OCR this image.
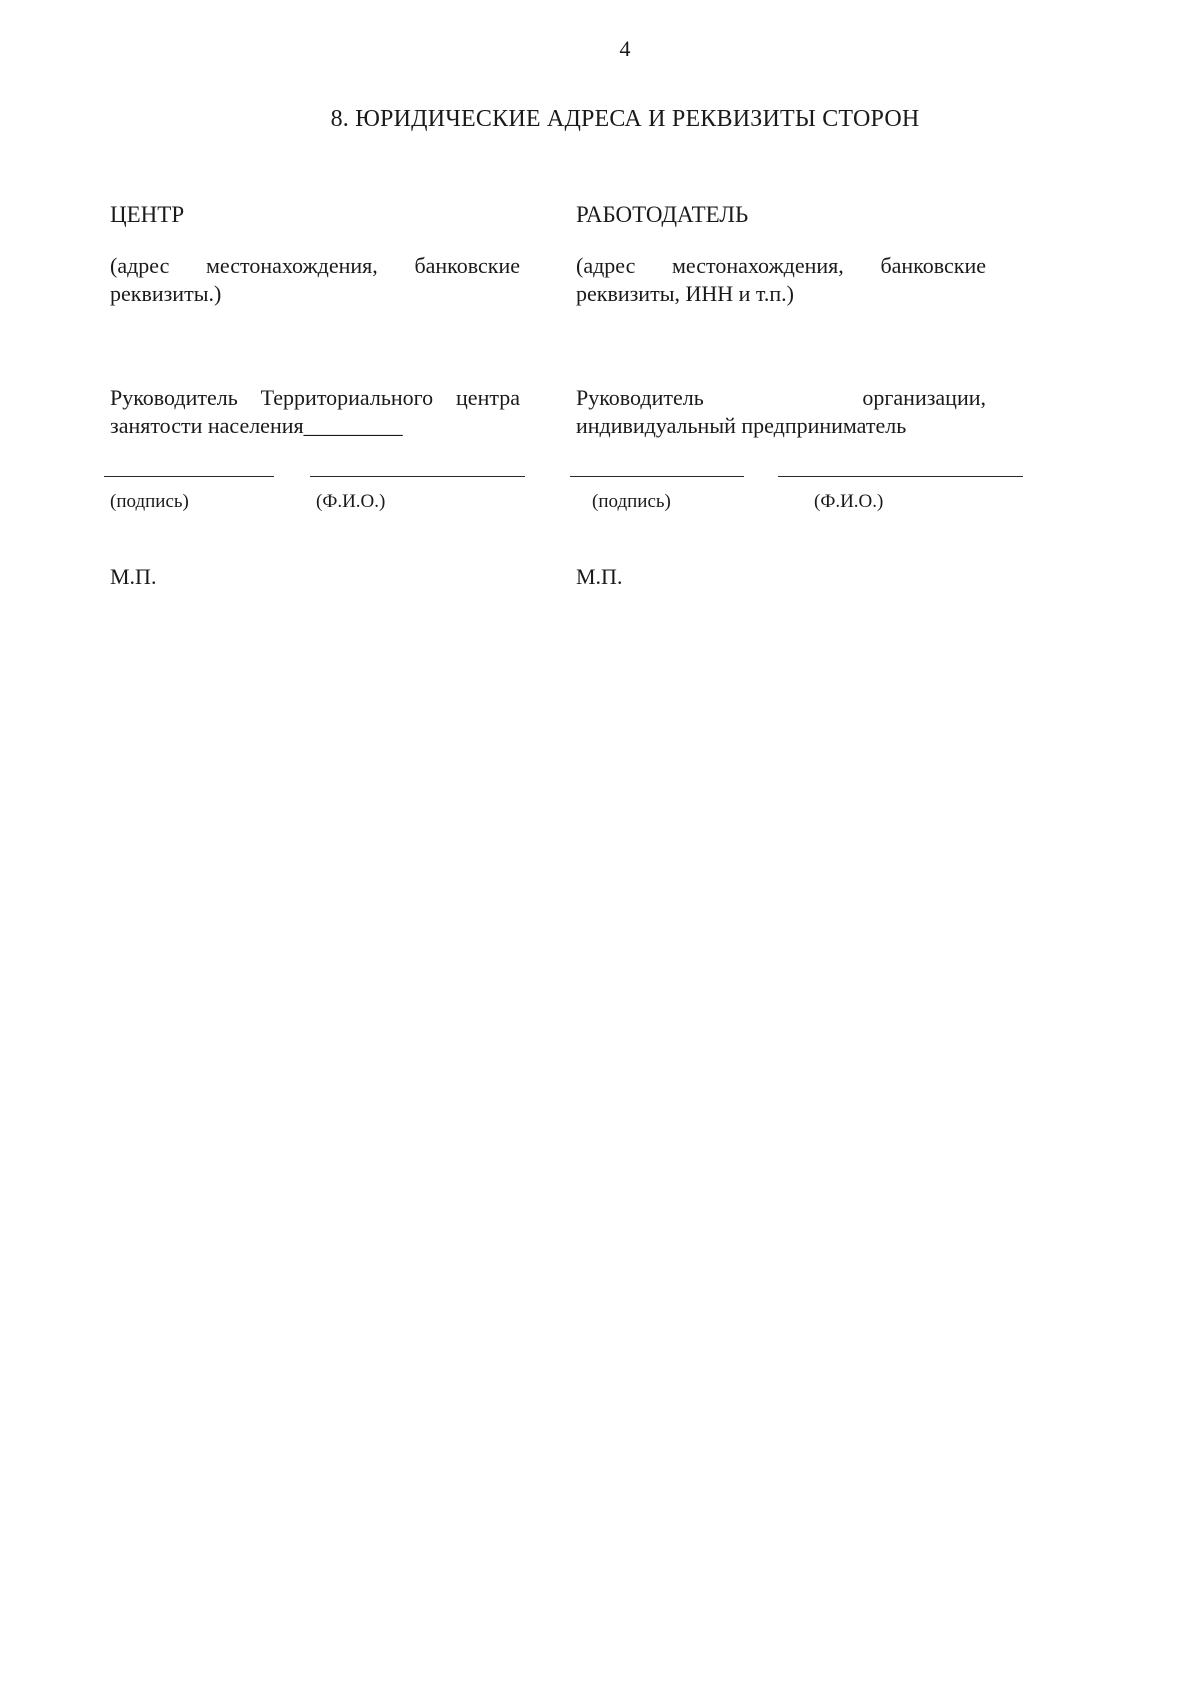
4
8. ЮРИДИЧЕСКИЕ АДРЕСА И РЕКВИЗИТЫ СТОРОН

ЦЕНТР

(адрес местонахождения, банковские реквизиты.)
Руководитель Территориального центра занятости населения_________
(подпись)	(Ф.И.О.)
М.П.

РАБОТОДАТЕЛЬ

(адрес местонахождения, банковские реквизиты, ИНН и т.п.)
Руководитель организации, индивидуальный предприниматель
(подпись)	(Ф.И.О.)
М.П.
